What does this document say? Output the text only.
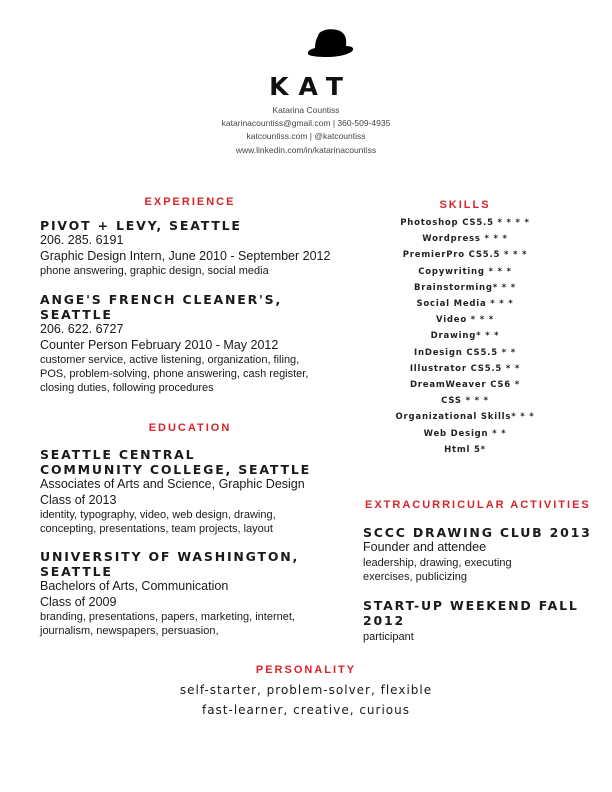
KAT
Katarina Countiss
katarinacountiss@gmail.com | 360-509-4935
katcountiss.com | @katcountiss
www.linkedin.com/in/katarinacountiss
EXPERIENCE
PIVOT + LEVY, SEATTLE
206. 285. 6191
Graphic Design Intern, June 2010 - September 2012
phone answering, graphic design, social media
ANGE'S FRENCH CLEANER'S, SEATTLE
206. 622. 6727
Counter Person February 2010 - May 2012
customer service, active listening, organization, filing,
POS, problem-solving, phone answering, cash register,
closing duties, following procedures
EDUCATION
SEATTLE CENTRAL
COMMUNITY COLLEGE, SEATTLE
Associates of Arts and Science, Graphic Design
Class of 2013
identity, typography, video, web design, drawing,
concepting, presentations, team projects, layout
UNIVERSITY OF WASHINGTON, SEATTLE
Bachelors of Arts, Communication
Class of 2009
branding, presentations, papers, marketing, internet,
journalism, newspapers, persuasion,
SKILLS
Photoshop CS5.5 * * * *
Wordpress * * *
PremierPro CS5.5 * * *
Copywriting * * *
Brainstorming* * *
Social Media * * *
Video * * *
Drawing* * *
InDesign CS5.5 * *
Illustrator CS5.5 * *
DreamWeaver CS6 *
CSS * * *
Organizational Skills* * *
Web Design * *
Html 5*
EXTRACURRICULAR ACTIVITIES
SCCC DRAWING CLUB 2013
Founder and attendee
leadership, drawing, executing
exercises, publicizing
START-UP WEEKEND FALL 2012
participant
PERSONALITY
self-starter, problem-solver, flexible
fast-learner, creative, curious
